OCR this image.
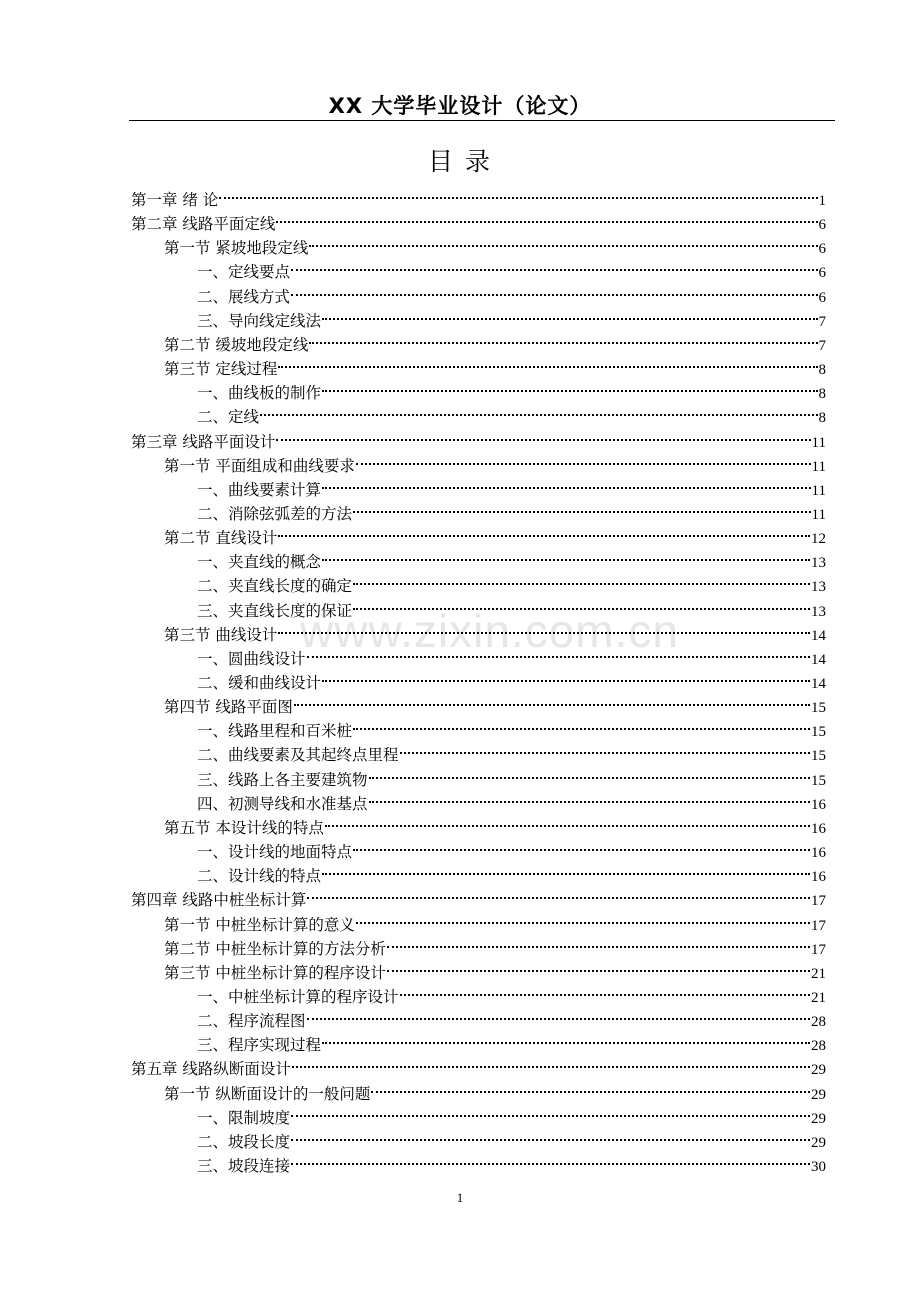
XX 大学毕业设计（论文）
目 录
www.zixin.com.cn
第一章 绪 论	1
第二章 线路平面定线	6
第一节 紧坡地段定线	6
一、定线要点	6
二、展线方式	6
三、导向线定线法	7
第二节 缓坡地段定线	7
第三节 定线过程	8
一、曲线板的制作	8
二、定线	8
第三章 线路平面设计	11
第一节 平面组成和曲线要求	11
一、曲线要素计算	11
二、消除弦弧差的方法	11
第二节 直线设计	12
一、夹直线的概念	13
二、夹直线长度的确定	13
三、夹直线长度的保证	13
第三节 曲线设计	14
一、圆曲线设计	14
二、缓和曲线设计	14
第四节 线路平面图	15
一、线路里程和百米桩	15
二、曲线要素及其起终点里程	15
三、线路上各主要建筑物	15
四、初测导线和水准基点	16
第五节 本设计线的特点	16
一、设计线的地面特点	16
二、设计线的特点	16
第四章 线路中桩坐标计算	17
第一节 中桩坐标计算的意义	17
第二节 中桩坐标计算的方法分析	17
第三节 中桩坐标计算的程序设计	21
一、中桩坐标计算的程序设计	21
二、程序流程图	28
三、程序实现过程	28
第五章 线路纵断面设计	29
第一节 纵断面设计的一般问题	29
一、限制坡度	29
二、坡段长度	29
三、坡段连接	30
1
